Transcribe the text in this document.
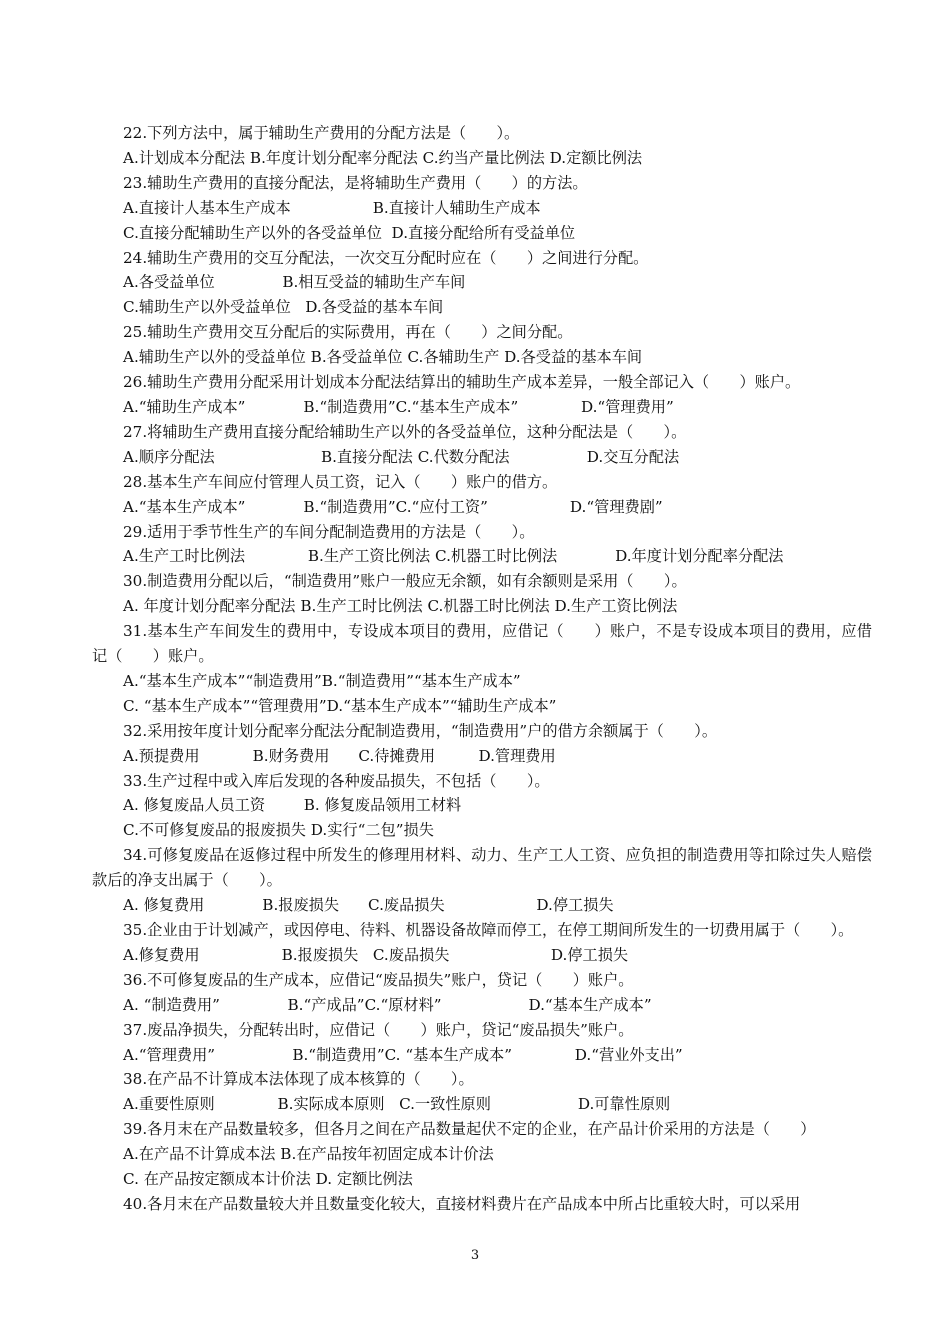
22.下列方法中，属于辅助生产费用的分配方法是（　　）。
A.计划成本分配法 B.年度计划分配率分配法 C.约当产量比例法 D.定额比例法
23.辅助生产费用的直接分配法，是将辅助生产费用（　　）的方法。
A.直接计人基本生产成本                 B.直接计人辅助生产成本
C.直接分配辅助生产以外的各受益单位  D.直接分配给所有受益单位
24.辅助生产费用的交互分配法，一次交互分配时应在（　　）之间进行分配。
A.各受益单位              B.相互受益的辅助生产车间
C.辅助生产以外受益单位   D.各受益的基本车间
25.辅助生产费用交互分配后的实际费用，再在（　　）之间分配。
A.辅助生产以外的受益单位 B.各受益单位 C.各辅助生产 D.各受益的基本车间
26.辅助生产费用分配采用计划成本分配法结算出的辅助生产成本差异，一般全部记入（　　）账户。
A.“辅助生产成本”            B.“制造费用”C.“基本生产成本”             D.“管理费用”
27.将辅助生产费用直接分配给辅助生产以外的各受益单位，这种分配法是（　　）。
A.顺序分配法                      B.直接分配法 C.代数分配法                D.交互分配法
28.基本生产车间应付管理人员工资，记入（　　）账户的借方。
A.“基本生产成本”            B.“制造费用”C.“应付工资”                 D.“管理费剧”
29.适用于季节性生产的车间分配制造费用的方法是（　　）。
A.生产工时比例法             B.生产工资比例法 C.机器工时比例法            D.年度计划分配率分配法
30.制造费用分配以后，“制造费用”账户一般应无余额，如有余额则是采用（　　）。
A. 年度计划分配率分配法 B.生产工时比例法 C.机器工时比例法 D.生产工资比例法
31.基本生产车间发生的费用中，专设成本项目的费用，应借记（　　）账户，不是专设成本项目的费用，应借记（　　）账户。
A.“基本生产成本”“制造费用”B.“制造费用”“基本生产成本”
C. “基本生产成本”“管理费用”D.“基本生产成本”“辅助生产成本”
32.采用按年度计划分配率分配法分配制造费用，“制造费用”户的借方余额属于（　　）。
A.预提费用           B.财务费用      C.待摊费用         D.管理费用
33.生产过程中或入库后发现的各种废品损失，不包括（　　）。
A. 修复废品人员工资        B. 修复废品领用工材料
C.不可修复废品的报废损失 D.实行“二包”损失
34.可修复废品在返修过程中所发生的修理用材料、动力、生产工人工资、应负担的制造费用等扣除过失人赔偿款后的净支出属于（　　）。
A. 修复费用            B.报废损失      C.废品损失                   D.停工损失
35.企业由于计划减产，或因停电、待料、机器设备故障而停工，在停工期间所发生的一切费用属于（　　）。
A.修复费用                 B.报废损失   C.废品损失                     D.停工损失
36.不可修复废品的生产成本，应借记“废品损失”账户，贷记（　　）账户。
A. “制造费用”              B.“产成品”C.“原材料”                  D.“基本生产成本”
37.废品净损失，分配转出时，应借记（　　）账户，贷记“废品损失”账户。
A.“管理费用”                B.“制造费用”C. “基本生产成本”             D.“营业外支出”
38.在产品不计算成本法体现了成本核算的（　　）。
A.重要性原则             B.实际成本原则   C.一致性原则                  D.可靠性原则
39.各月末在产品数量较多，但各月之间在产品数量起伏不定的企业，在产品计价采用的方法是（　　）
A.在产品不计算成本法 B.在产品按年初固定成本计价法
C. 在产品按定额成本计价法 D. 定额比例法
40.各月末在产品数量较大并且数量变化较大，直接材料费片在产品成本中所占比重较大时，可以采用
3
